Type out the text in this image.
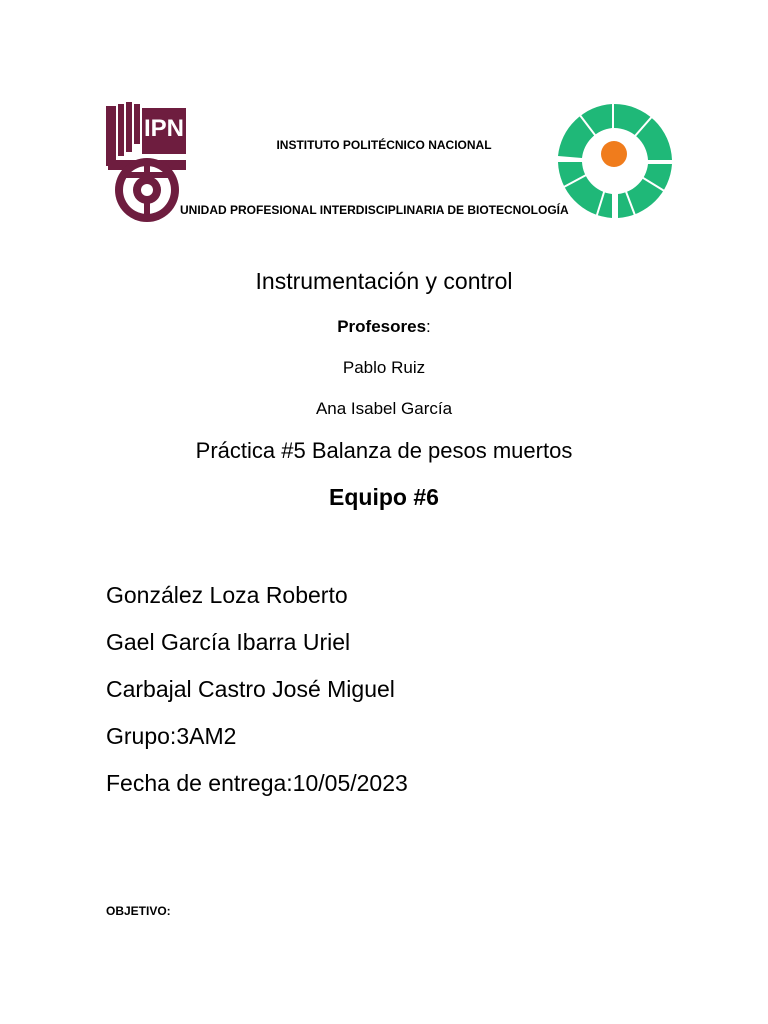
IPN
INSTITUTO POLITÉCNICO NACIONAL
UNIDAD PROFESIONAL INTERDISCIPLINARIA DE BIOTECNOLOGÍA
Instrumentación y control
Profesores:
Pablo Ruiz
Ana Isabel García
Práctica #5 Balanza de pesos muertos
Equipo #6
González Loza Roberto
Gael García Ibarra Uriel
Carbajal Castro José Miguel
Grupo:3AM2
Fecha de entrega:10/05/2023
OBJETIVO:
